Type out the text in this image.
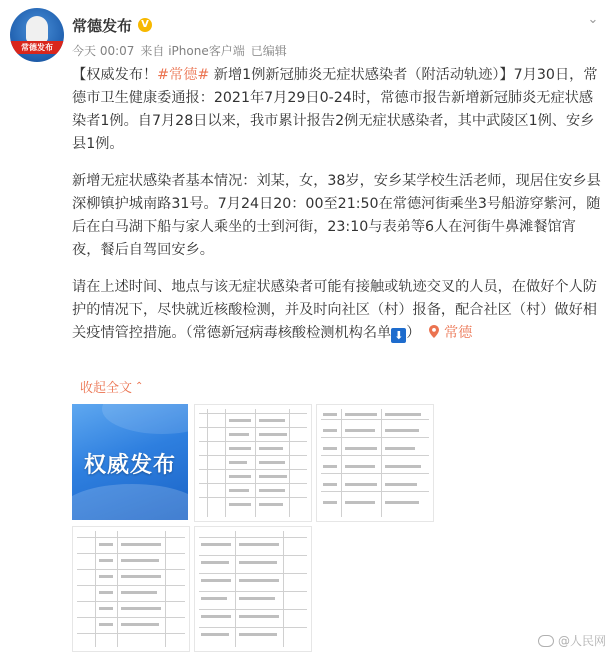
常德发布
常德发布 V
今天 00:07 来自 iPhone客户端 已编辑
⌄

【权威发布！#常德# 新增1例新冠肺炎无症状感染者（附活动轨迹）】7月30日，常德市卫生健康委通报：2021年7月29日0-24时，常德市报告新增新冠肺炎无症状感染者1例。自7月28日以来，我市累计报告2例无症状感染者，其中武陵区1例、安乡县1例。

新增无症状感染者基本情况：刘某，女，38岁，安乡某学校生活老师，现居住安乡县深柳镇护城南路31号。7月24日20：00至21:50在常德河街乘坐3号船游穿紫河，随后在白马湖下船与家人乘坐的士到河街，23:10与表弟等6人在河街牛鼻滩餐馆宵夜，餐后自驾回安乡。

请在上述时间、地点与该无症状感染者可能有接触或轨迹交叉的人员，在做好个人防护的情况下，尽快就近核酸检测，并及时向社区（村）报备，配合社区（村）做好相关疫情管控措施。（常德新冠病毒核酸检测机构名单 ⬇ ） 常德

收起全文 ⌃
权威发布
@人民网
